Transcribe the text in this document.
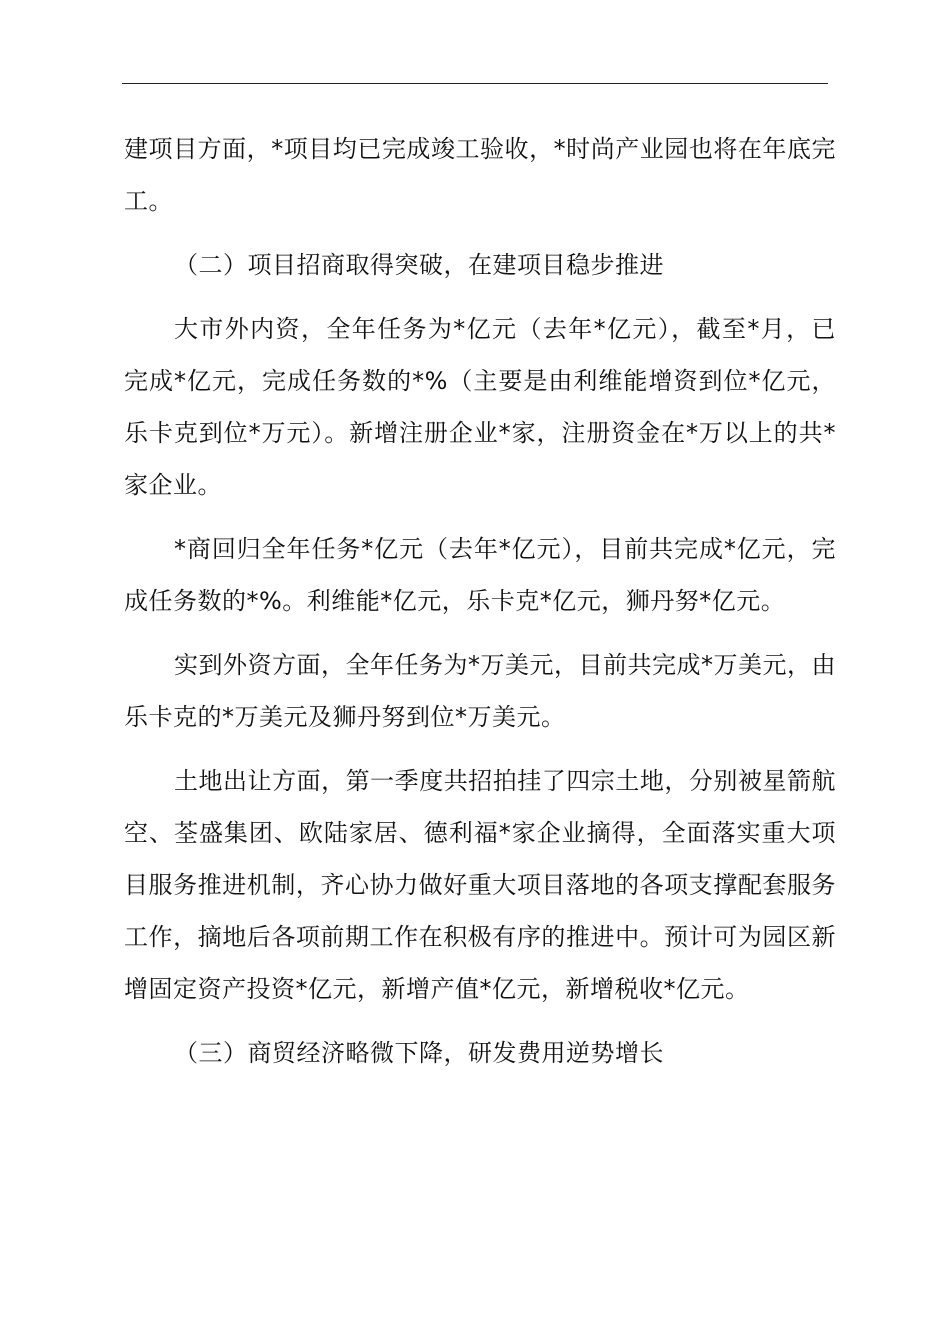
建项目方面，*项目均已完成竣工验收，*时尚产业园也将在年底完工。

（二）项目招商取得突破，在建项目稳步推进

大市外内资，全年任务为*亿元（去年*亿元），截至*月，已完成*亿元，完成任务数的*%（主要是由利维能增资到位*亿元，乐卡克到位*万元）。新增注册企业*家，注册资金在*万以上的共*家企业。

*商回归全年任务*亿元（去年*亿元），目前共完成*亿元，完成任务数的*%。利维能*亿元，乐卡克*亿元，狮丹努*亿元。

实到外资方面，全年任务为*万美元，目前共完成*万美元，由乐卡克的*万美元及狮丹努到位*万美元。

土地出让方面，第一季度共招拍挂了四宗土地，分别被星箭航空、荃盛集团、欧陆家居、德利福*家企业摘得，全面落实重大项目服务推进机制，齐心协力做好重大项目落地的各项支撑配套服务工作，摘地后各项前期工作在积极有序的推进中。预计可为园区新增固定资产投资*亿元，新增产值*亿元，新增税收*亿元。

（三）商贸经济略微下降，研发费用逆势增长
